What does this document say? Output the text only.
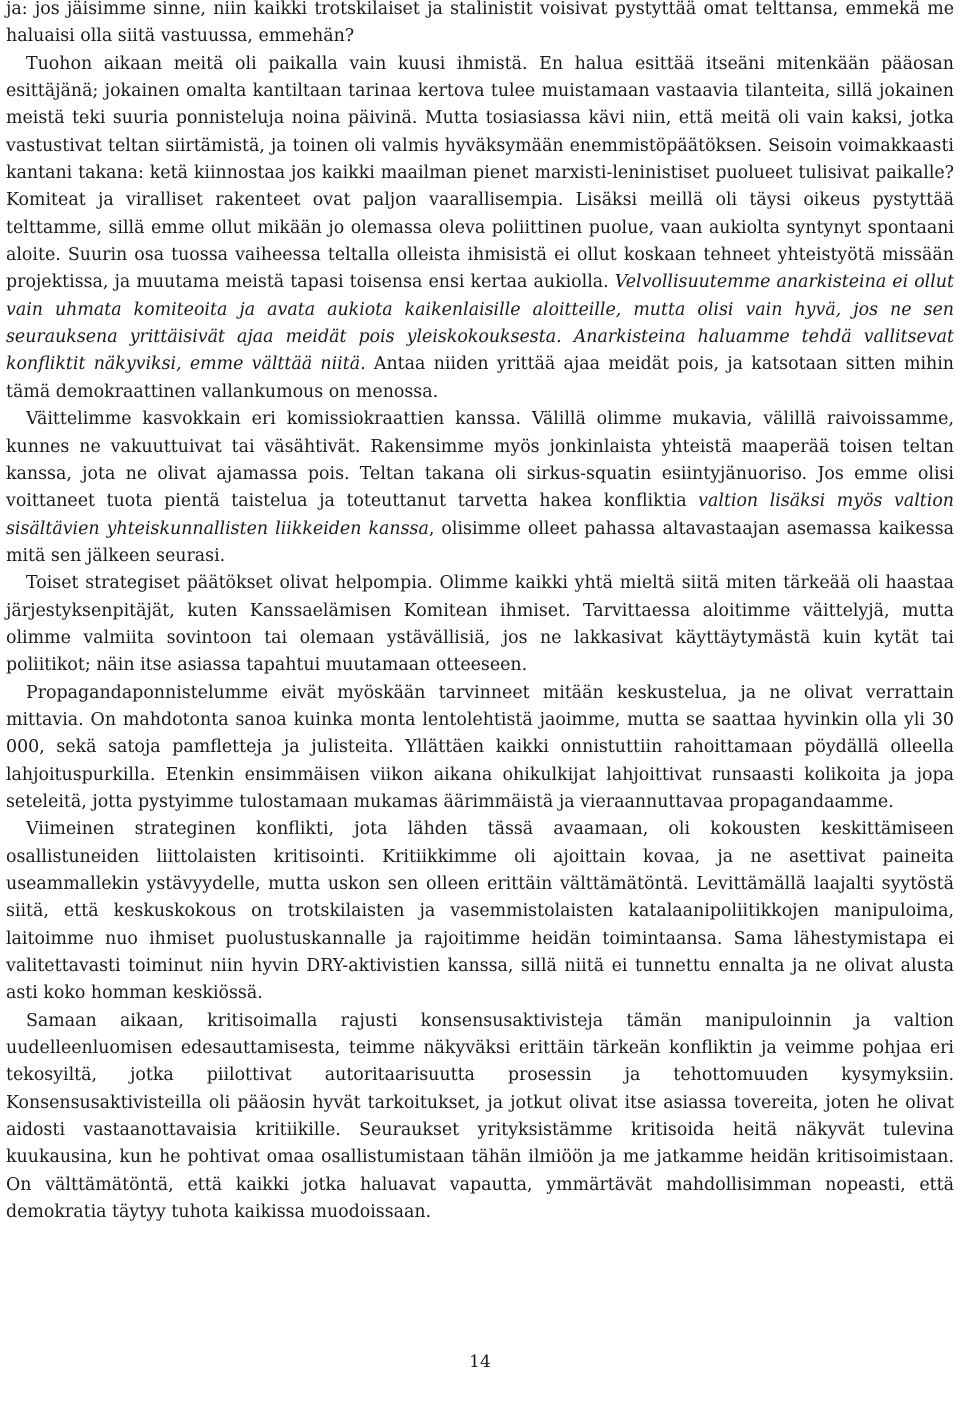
ja: jos jäisimme sinne, niin kaikki trotskilaiset ja stalinistit voisivat pystyttää omat telttansa, emmekä me haluaisi olla siitä vastuussa, emmehän?

Tuohon aikaan meitä oli paikalla vain kuusi ihmistä. En halua esittää itseäni mitenkään pääosan esittäjänä; jokainen omalta kantiltaan tarinaa kertova tulee muistamaan vastaavia tilanteita, sillä jokainen meistä teki suuria ponnisteluja noina päivinä. Mutta tosiasiassa kävi niin, että meitä oli vain kaksi, jotka vastustivat teltan siirtämistä, ja toinen oli valmis hyväksymään enemmistöpäätöksen. Seisoin voimakkaasti kantani takana: ketä kiinnostaa jos kaikki maailman pienet marxisti-leninistiset puolueet tulisivat paikalle? Komiteat ja viralliset rakenteet ovat paljon vaarallisempia. Lisäksi meillä oli täysi oikeus pystyttää telttamme, sillä emme ollut mikään jo olemassa oleva poliittinen puolue, vaan aukiolta syntynyt spontaani aloite. Suurin osa tuossa vaiheessa teltalla olleista ihmisistä ei ollut koskaan tehneet yhteistyötä missään projektissa, ja muutama meistä tapasi toisensa ensi kertaa aukiolla. Velvollisuutemme anarkisteina ei ollut vain uhmata komiteoita ja avata aukiota kaikenlaisille aloitteille, mutta olisi vain hyvä, jos ne sen seurauksena yrittäisivät ajaa meidät pois yleiskokouksesta. Anarkisteina haluamme tehdä vallitsevat konfliktit näkyviksi, emme välttää niitä. Antaa niiden yrittää ajaa meidät pois, ja katsotaan sitten mihin tämä demokraattinen vallankumous on menossa.

Väittelimme kasvokkain eri komissiokraattien kanssa. Välillä olimme mukavia, välillä raivoissamme, kunnes ne vakuuttuivat tai väsähtivät. Rakensimme myös jonkinlaista yhteistä maaperää toisen teltan kanssa, jota ne olivat ajamassa pois. Teltan takana oli sirkus-squatin esiintyjänuoriso. Jos emme olisi voittaneet tuota pientä taistelua ja toteuttanut tarvetta hakea konfliktia valtion lisäksi myös valtion sisältävien yhteiskunnallisten liikkeiden kanssa, olisimme olleet pahassa altavastaajan asemassa kaikessa mitä sen jälkeen seurasi.

Toiset strategiset päätökset olivat helpompia. Olimme kaikki yhtä mieltä siitä miten tärkeää oli haastaa järjestyksenpitäjät, kuten Kanssaelämisen Komitean ihmiset. Tarvittaessa aloitimme väittelyjä, mutta olimme valmiita sovintoon tai olemaan ystävällisiä, jos ne lakkasivat käyttäytymästä kuin kytät tai poliitikot; näin itse asiassa tapahtui muutamaan otteeseen.

Propagandaponnistelumme eivät myöskään tarvinneet mitään keskustelua, ja ne olivat verrattain mittavia. On mahdotonta sanoa kuinka monta lentolehtistä jaoimme, mutta se saattaa hyvinkin olla yli 30 000, sekä satoja pamfletteja ja julisteita. Yllättäen kaikki onnistuttiin rahoittamaan pöydällä olleella lahjoituspurkilla. Etenkin ensimmäisen viikon aikana ohikulkijat lahjoittivat runsaasti kolikoita ja jopa seteleitä, jotta pystyimme tulostamaan mukamas äärimmäistä ja vieraannuttavaa propagandaamme.

Viimeinen strateginen konflikti, jota lähden tässä avaamaan, oli kokousten keskittämiseen osallistuneiden liittolaisten kritisointi. Kritiikkimme oli ajoittain kovaa, ja ne asettivat paineita useammallekin ystävyydelle, mutta uskon sen olleen erittäin välttämätöntä. Levittämällä laajalti syytöstä siitä, että keskuskokous on trotskilaisten ja vasemmistolaisten katalaanipoliitikkojen manipuloima, laitoimme nuo ihmiset puolustuskannalle ja rajoitimme heidän toimintaansa. Sama lähestymistapa ei valitettavasti toiminut niin hyvin DRY-aktivistien kanssa, sillä niitä ei tunnettu ennalta ja ne olivat alusta asti koko homman keskiössä.

Samaan aikaan, kritisoimalla rajusti konsensusaktivisteja tämän manipuloinnin ja valtion uudelleenluomisen edesauttamisesta, teimme näkyväksi erittäin tärkeän konfliktin ja veimme pohjaa eri tekosyiltä, jotka piilottivat autoritaarisuutta prosessin ja tehottomuuden kysymyksiin. Konsensusaktivisteilla oli pääosin hyvät tarkoitukset, ja jotkut olivat itse asiassa tovereita, joten he olivat aidosti vastaanottavaisia kritiikille. Seuraukset yrityksistämme kritisoida heitä näkyvät tulevina kuukausina, kun he pohtivat omaa osallistumistaan tähän ilmiöön ja me jatkamme heidän kritisoimistaan. On välttämätöntä, että kaikki jotka haluavat vapautta, ymmärtävät mahdollisimman nopeasti, että demokratia täytyy tuhota kaikissa muodoissaan.

14
